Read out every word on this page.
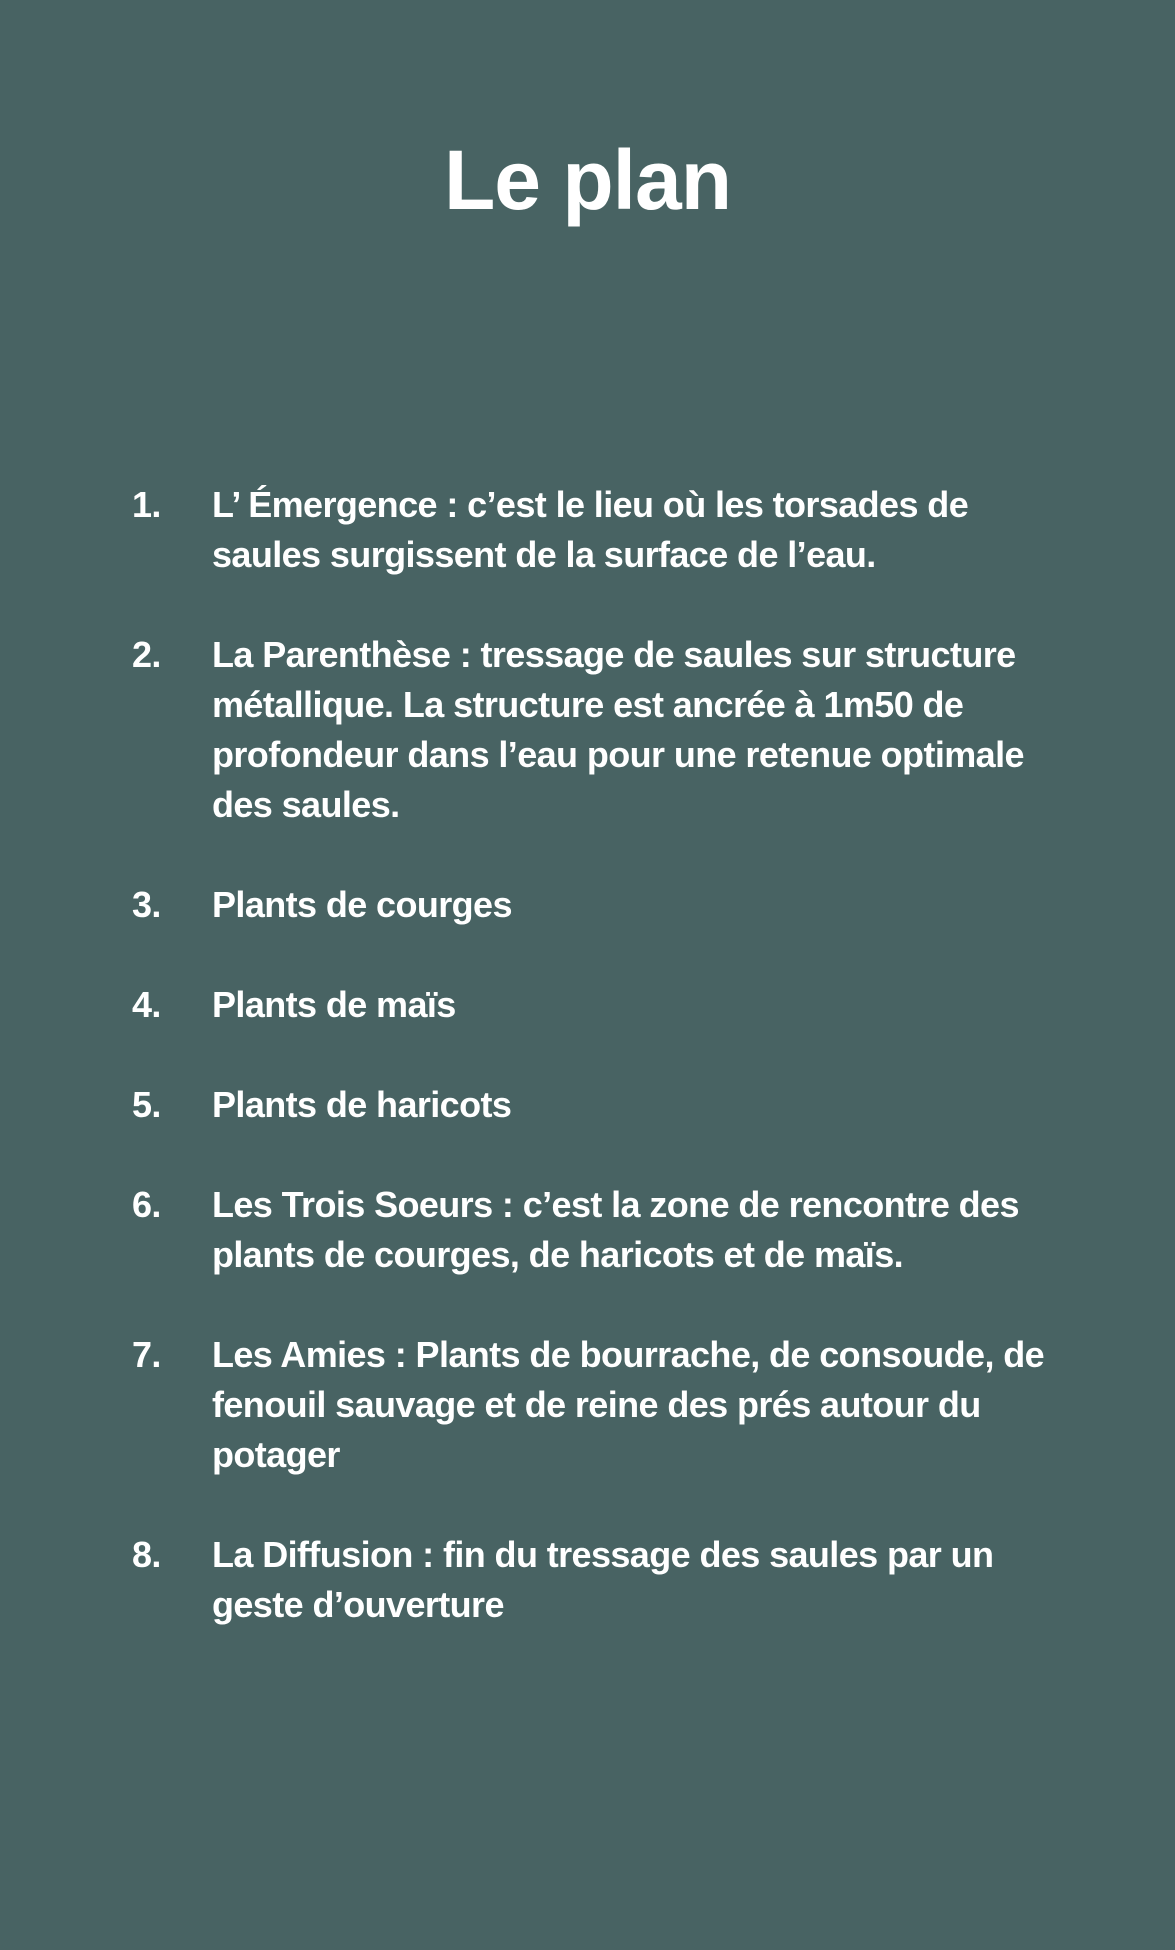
Le plan
1.	L’ Émergence : c’est le lieu où les torsades de saules surgissent de la surface de l’eau.
2.	La Parenthèse : tressage de saules sur structure métallique. La structure est ancrée à 1m50 de profondeur dans l’eau pour une retenue optimale des saules.
3.	Plants de courges
4.	Plants de maïs
5.	Plants de haricots
6.	Les Trois Soeurs : c’est la zone de rencontre des plants de courges, de haricots et de maïs.
7.	Les Amies : Plants de bourrache, de consoude, de fenouil sauvage et de reine des prés autour du potager
8.	La Diffusion : fin du tressage des saules par un geste d’ouverture
